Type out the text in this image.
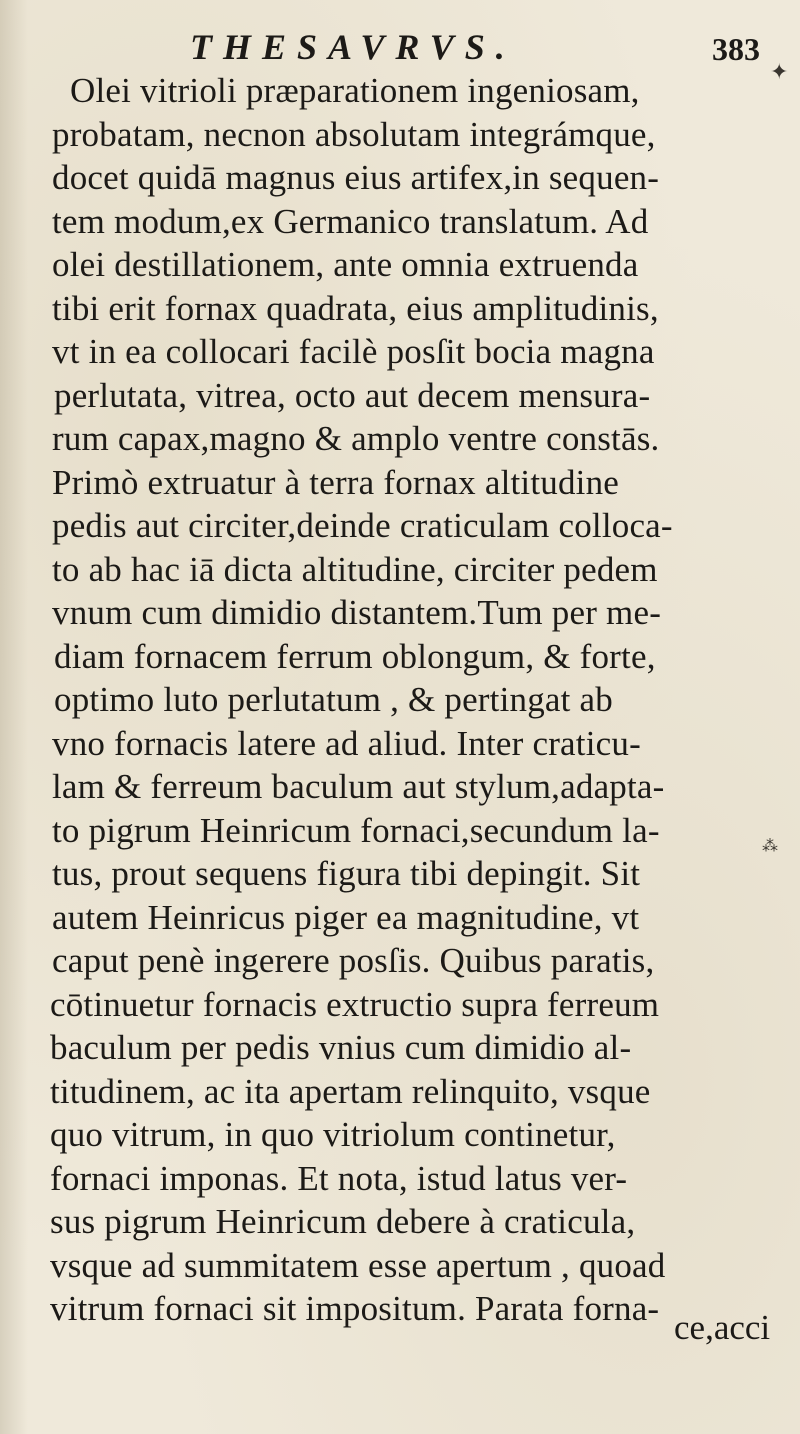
THESAVRVS.	383
Olei vitrioli præparationem ingeniosam,
probatam, necnon absolutam integrámque,
docet quidā magnus eius artifex,in sequen-
tem modum,ex Germanico translatum. Ad
olei destillationem, ante omnia extruenda
tibi erit fornax quadrata, eius amplitudinis,
vt in ea collocari facilè posſit bocia magna
perlutata, vitrea, octo aut decem mensura-
rum capax,magno & amplo ventre constās.
Primò extruatur à terra fornax altitudine
pedis aut circiter,deinde craticulam colloca-
to ab hac iā dicta altitudine, circiter pedem
vnum cum dimidio distantem.Tum per me-
diam fornacem ferrum oblongum, & forte,
optimo luto perlutatum , & pertingat ab
vno fornacis latere ad aliud. Inter craticu-
lam & ferreum baculum aut stylum,adapta-
to pigrum Heinricum fornaci,secundum la-
tus, prout sequens figura tibi depingit. Sit
autem Heinricus piger ea magnitudine, vt
caput penè ingerere posſis. Quibus paratis,
cōtinuetur fornacis extructio supra ferreum
baculum per pedis vnius cum dimidio al-
titudinem, ac ita apertam relinquito, vsque
quo vitrum, in quo vitriolum continetur,
fornaci imponas. Et nota, istud latus ver-
sus pigrum Heinricum debere à craticula,
vsque ad summitatem esse apertum , quoad
vitrum fornaci sit impositum. Parata forna- ce,acci
✦
⁂
